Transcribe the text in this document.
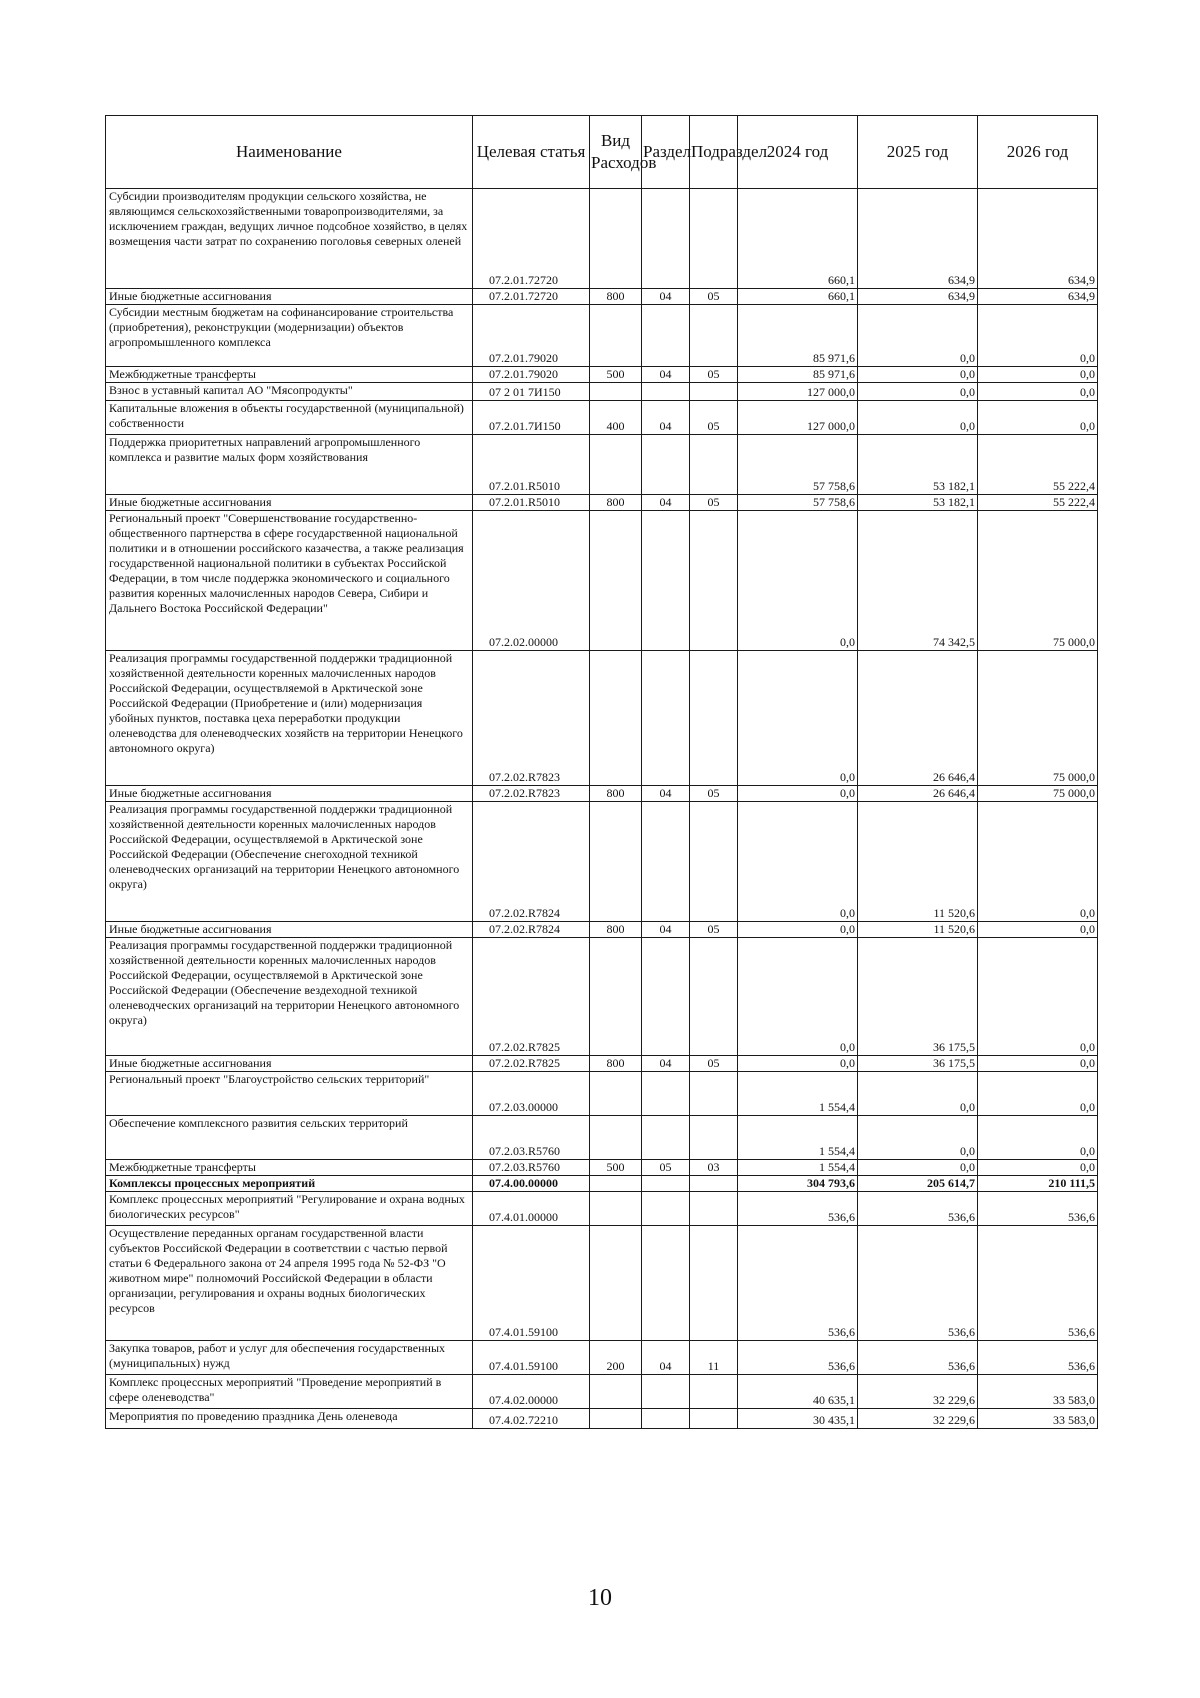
Наименование	Целевая статья	Вид Расходов	Раздел	Подраздел	2024 год	2025 год	2026 год
Субсидии производителям продукции сельского хозяйства, не являющимся сельскохозяйственными товаропроизводителями, за исключением граждан, ведущих личное подсобное хозяйство, в целях возмещения части затрат по сохранению поголовья северных оленей	07.2.01.72720				660,1	634,9	634,9
Иные бюджетные ассигнования	07.2.01.72720	800	04	05	660,1	634,9	634,9
Субсидии местным бюджетам на софинансирование строительства (приобретения), реконструкции (модернизации) объектов агропромышленного комплекса	07.2.01.79020				85 971,6	0,0	0,0
Межбюджетные трансферты	07.2.01.79020	500	04	05	85 971,6	0,0	0,0
Взнос в уставный капитал АО "Мясопродукты"	07 2 01 7И150				127 000,0	0,0	0,0
Капитальные вложения в объекты государственной (муниципальной) собственности	07.2.01.7И150	400	04	05	127 000,0	0,0	0,0
Поддержка приоритетных направлений агропромышленного комплекса и развитие малых форм хозяйствования	07.2.01.R5010				57 758,6	53 182,1	55 222,4
Иные бюджетные ассигнования	07.2.01.R5010	800	04	05	57 758,6	53 182,1	55 222,4
Региональный проект "Совершенствование государственно-общественного партнерства в сфере государственной национальной политики и в отношении российского казачества, а также реализация государственной национальной политики в субъектах Российской Федерации, в том числе поддержка экономического и социального развития коренных малочисленных народов Севера, Сибири и Дальнего Востока Российской Федерации"	07.2.02.00000				0,0	74 342,5	75 000,0
Реализация программы государственной поддержки традиционной хозяйственной деятельности коренных малочисленных народов Российской Федерации, осуществляемой в Арктической зоне Российской Федерации (Приобретение и (или) модернизация убойных пунктов, поставка цеха переработки продукции оленеводства для оленеводческих хозяйств на территории Ненецкого автономного округа)	07.2.02.R7823				0,0	26 646,4	75 000,0
Иные бюджетные ассигнования	07.2.02.R7823	800	04	05	0,0	26 646,4	75 000,0
Реализация программы государственной поддержки традиционной хозяйственной деятельности коренных малочисленных народов Российской Федерации, осуществляемой в Арктической зоне Российской Федерации (Обеспечение снегоходной техникой оленеводческих организаций на территории Ненецкого автономного округа)	07.2.02.R7824				0,0	11 520,6	0,0
Иные бюджетные ассигнования	07.2.02.R7824	800	04	05	0,0	11 520,6	0,0
Реализация программы государственной поддержки традиционной хозяйственной деятельности коренных малочисленных народов Российской Федерации, осуществляемой в Арктической зоне Российской Федерации (Обеспечение вездеходной техникой оленеводческих организаций на территории Ненецкого автономного округа)	07.2.02.R7825				0,0	36 175,5	0,0
Иные бюджетные ассигнования	07.2.02.R7825	800	04	05	0,0	36 175,5	0,0
Региональный проект "Благоустройство сельских территорий"	07.2.03.00000				1 554,4	0,0	0,0
Обеспечение комплексного развития сельских территорий	07.2.03.R5760				1 554,4	0,0	0,0
Межбюджетные трансферты	07.2.03.R5760	500	05	03	1 554,4	0,0	0,0
Комплексы процессных мероприятий	07.4.00.00000				304 793,6	205 614,7	210 111,5
Комплекс процессных мероприятий "Регулирование и охрана водных биологических ресурсов"	07.4.01.00000				536,6	536,6	536,6
Осуществление переданных органам государственной власти субъектов Российской Федерации в соответствии с частью первой статьи 6 Федерального закона от 24 апреля 1995 года № 52-ФЗ "О животном мире" полномочий Российской Федерации в области организации, регулирования и охраны водных биологических ресурсов	07.4.01.59100				536,6	536,6	536,6
Закупка товаров, работ и услуг для обеспечения государственных (муниципальных) нужд	07.4.01.59100	200	04	11	536,6	536,6	536,6
Комплекс процессных мероприятий "Проведение мероприятий в сфере оленеводства"	07.4.02.00000				40 635,1	32 229,6	33 583,0
Мероприятия по проведению праздника День оленевода	07.4.02.72210				30 435,1	32 229,6	33 583,0
10
